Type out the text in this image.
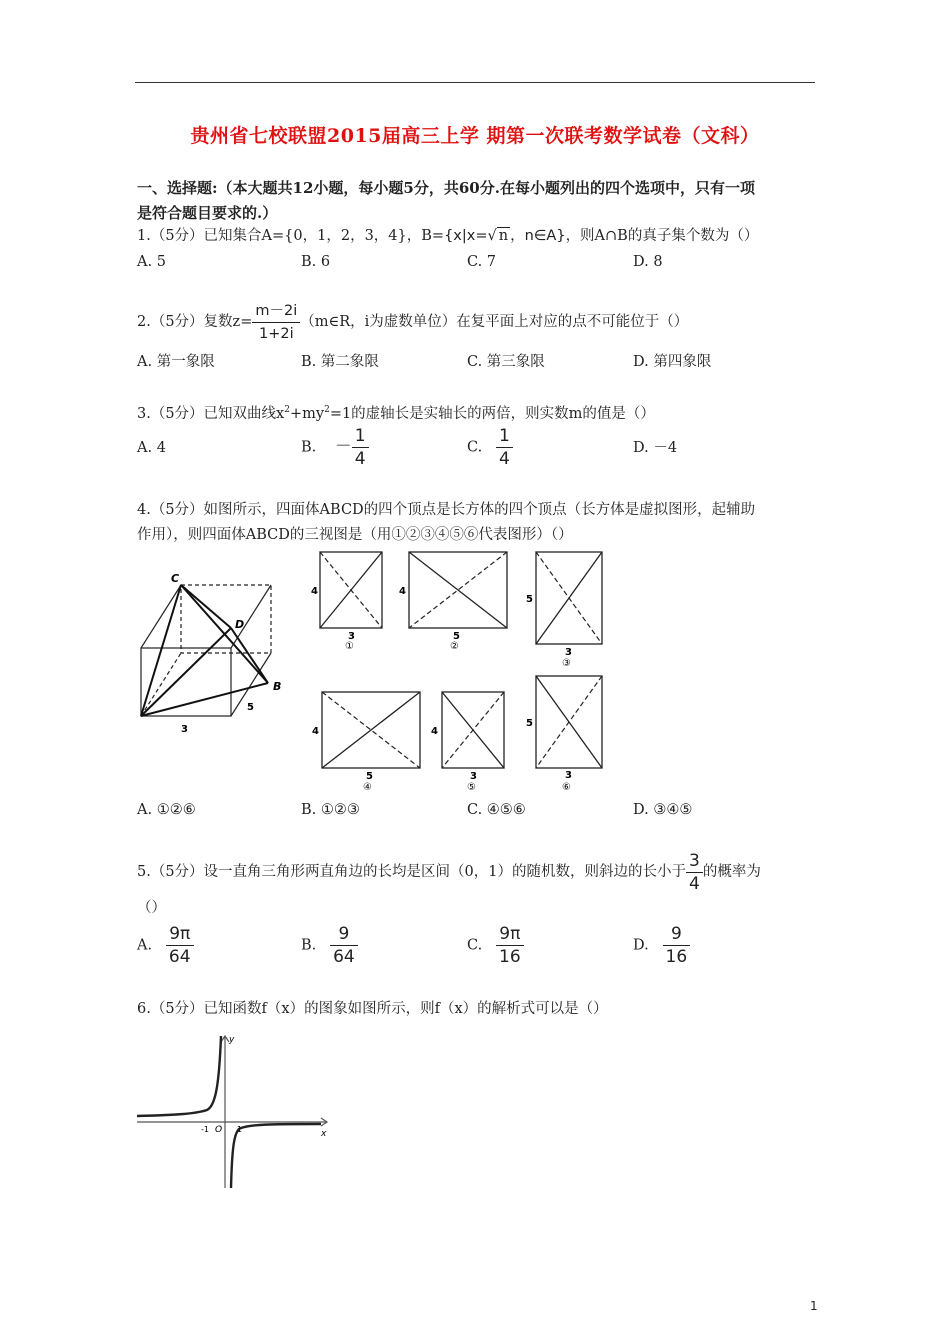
贵州省七校联盟2015届高三上学 期第一次联考数学试卷（文科）
一、选择题:（本大题共12小题，每小题5分，共60分.在每小题列出的四个选项中，只有一项
是符合题目要求的.）
1.（5分）已知集合A={0，1，2，3，4}，B={x|x=√ n ，n∈A}，则A∩B的真子集个数为（）
A. 5	B. 6	C. 7	D. 8
2.（5分）复数$z= \frac{m-2i}{1+2i}$ （m∈R，i为虚数单位）在复平面上对应的点不可能位于（）
A. 第一象限	B. 第二象限	C. 第三象限	D. 第四象限
3.（5分）已知双曲线$x^2+my^2=1$的虚轴长是实轴长的两倍，则实数m的值是（）
A. 4	B. － $\frac{1}{4}$	C. $\frac{1}{4}$	D. －4
4.（5分）如图所示，四面体ABCD的四个顶点是长方体的四个顶点（长方体是虚拟图形，起辅助
作用），则四面体ABCD的三视图是（用①②③④⑤⑥代表图形）（）
C
D
B
5
3
4
3
①
4
5
②
5
3
③
4
5
④
4
3
⑤
5
3
⑥
A. ①②⑥	B. ①②③	C. ④⑤⑥	D. ③④⑤
5.（5分）设一直角三角形两直角边的长均是区间（0，1）的随机数，则斜边的长小于 $\frac{3}{4}$ 的概率为
（）
A. $\frac{9\pi}{64}$	B. $\frac{9}{64}$	C. $\frac{9\pi}{16}$	D. $\frac{9}{16}$
6.（5分）已知函数f（x）的图象如图所示，则f（x）的解析式可以是（）
y
x
-1 O 1
1
